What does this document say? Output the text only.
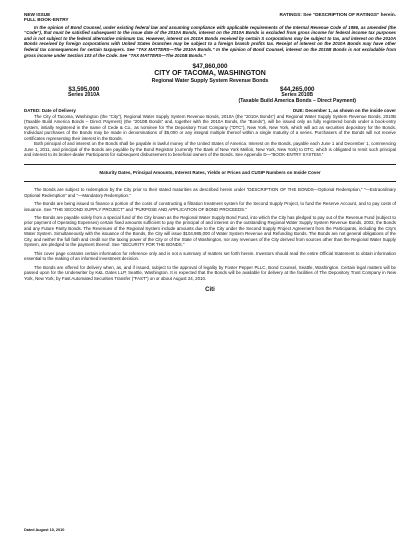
NEW ISSUE
FULL BOOK-ENTRY
RATINGS: See “DESCRIPTION OF RATINGS” herein.

In the opinion of Bond Counsel, under existing federal law and assuming compliance with applicable requirements of the Internal Revenue Code of 1986, as amended (the “Code”), that must be satisfied subsequent to the issue date of the 2010A Bonds, interest on the 2010A Bonds is excluded from gross income for federal income tax purposes and is not subject to the federal alternative minimum tax. However, interest on 2010A Bonds received by certain S corporations may be subject to tax, and interest on the 2010A Bonds received by foreign corporations with United States branches may be subject to a foreign branch profits tax. Receipt of interest on the 2010A Bonds may have other federal tax consequences for certain taxpayers. See “TAX MATTERS—The 2010A Bonds.” In the opinion of Bond Counsel, interest on the 2010B Bonds is not excludable from gross income under Section 103 of the Code. See “TAX MATTERS—The 2010B Bonds.”

$47,860,000
CITY OF TACOMA, WASHINGTON
Regional Water Supply System Revenue Bonds
$3,595,000
Series 2010A
$44,265,000
Series 2010B
(Taxable Build America Bonds – Direct Payment)
DATED: Date of Delivery	DUE: December 1, as shown on the inside cover

The City of Tacoma, Washington (the “City”), Regional Water Supply System Revenue Bonds, 2010A (the “2010A Bonds”) and Regional Water Supply System Revenue Bonds, 2010B (Taxable Build America Bonds – Direct Payment) (the “2010B Bonds” and, together with the 2010A Bonds, the “Bonds”), will be issued only as fully registered bonds under a book-entry system, initially registered in the name of Cede & Co., as nominee for The Depository Trust Company (“DTC”), New York, New York, which will act as securities depository for the Bonds. Individual purchases of the Bonds may be made in denominations of $5,000 or any integral multiple thereof within a single maturity of a series. Purchasers of the Bonds will not receive certificates representing their interest in the Bonds.

Both principal of and interest on the Bonds shall be payable in lawful money of the United States of America. Interest on the Bonds, payable each June 1 and December 1, commencing June 1, 2011, and principal of the Bonds are payable by the Bond Registrar (currently The Bank of New York Mellon, New York, New York) to DTC, which is obligated to remit such principal and interest to its broker-dealer Participants for subsequent disbursement to beneficial owners of the Bonds. See Appendix D—“BOOK-ENTRY SYSTEM.”

Maturity Dates, Principal Amounts, Interest Rates, Yields or Prices and CUSIP Numbers on Inside Cover

The Bonds are subject to redemption by the City prior to their stated maturities as described herein under “DESCRIPTION OF THE BONDS—Optional Redemption,” “—Extraordinary Optional Redemption” and “—Mandatory Redemption.”

The Bonds are being issued to finance a portion of the costs of constructing a filtration treatment system for the Second Supply Project, to fund the Reserve Account, and to pay costs of issuance. See “THE SECOND SUPPLY PROJECT” and “PURPOSE AND APPLICATION OF BOND PROCEEDS.”

The Bonds are payable solely from a special fund of the City known as the Regional Water Supply Bond Fund, into which the City has pledged to pay out of the Revenue Fund (subject to prior payment of Operating Expenses) certain fixed amounts sufficient to pay the principal of and interest on the outstanding Regional Water Supply System Revenue Bonds, 2002, the Bonds and any Future Parity Bonds. The Revenues of the Regional System include amounts due to the City under the Second Supply Project Agreement from the Participants, including the City’s Water System. Simultaneously with the issuance of the Bonds, the City will issue $104,985,000 of Water System Revenue and Refunding Bonds. The Bonds are not general obligations of the City, and neither the full faith and credit nor the taxing power of the City or of the State of Washington, nor any revenues of the City derived from sources other than the Regional Water Supply System, are pledged to the payment thereof. See “SECURITY FOR THE BONDS.”

This cover page contains certain information for reference only and is not a summary of matters set forth herein. Investors should read the entire Official Statement to obtain information essential to the making of an informed investment decision.

The Bonds are offered for delivery when, as, and if issued, subject to the approval of legality by Foster Pepper PLLC, Bond Counsel, Seattle, Washington. Certain legal matters will be passed upon for the Underwriter by K&L Gates LLP, Seattle, Washington. It is expected that the Bonds will be available for delivery at the facilities of The Depository Trust Company in New York, New York, by Fast Automated Securities Transfer (“FAST”) on or about August 24, 2010.

Citi
Dated August 10, 2010
